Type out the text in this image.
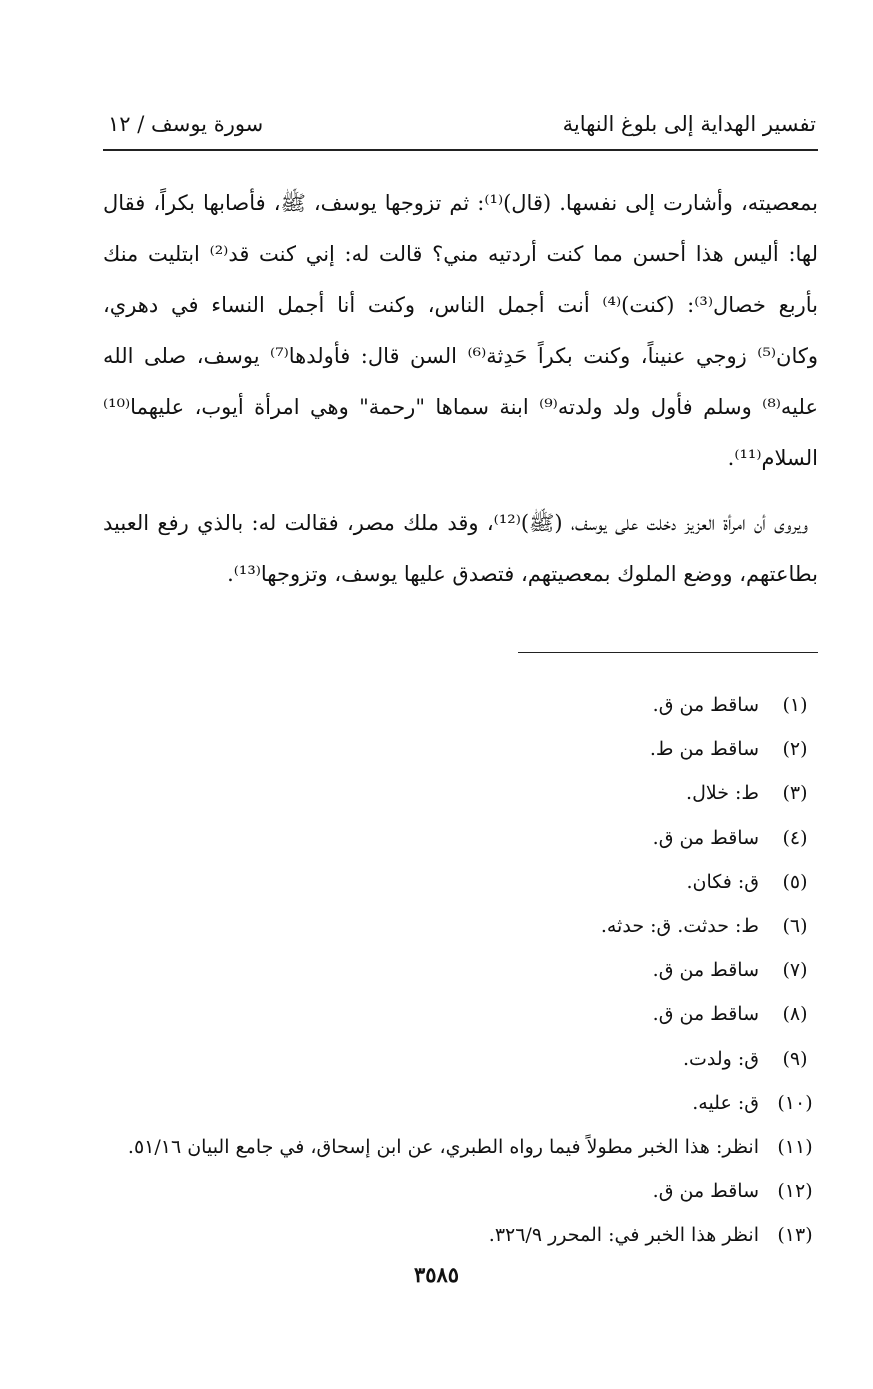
تفسير الهداية إلى بلوغ النهاية
سورة يوسف / ١٢

بمعصيته، وأشارت إلى نفسها. (قال)⁽¹⁾: ثم تزوجها يوسف، ﷺ، فأصابها بكراً، فقال لها: أليس هذا أحسن مما كنت أردتيه مني؟ قالت له: إني كنت قد⁽²⁾ ابتليت منك بأربع خصال⁽³⁾: (كنت)⁽⁴⁾ أنت أجمل الناس، وكنت أنا أجمل النساء في دهري، وكان⁽⁵⁾ زوجي عنيناً، وكنت بكراً حَدِثة⁽⁶⁾ السن قال: فأولدها⁽⁷⁾ يوسف، صلى الله عليه⁽⁸⁾ وسلم فأول ولد ولدته⁽⁹⁾ ابنة سماها "رحمة" وهي امرأة أيوب، عليهما⁽¹⁰⁾ السلام⁽¹¹⁾.

ويروى أن امرأة العزيز دخلت على يوسف، (ﷺ)⁽¹²⁾، وقد ملك مصر، فقالت له: بالذي رفع العبيد بطاعتهم، ووضع الملوك بمعصيتهم، فتصدق عليها يوسف، وتزوجها⁽¹³⁾.

(١)ساقط من ق.
(٢)ساقط من ط.
(٣)ط: خلال.
(٤)ساقط من ق.
(٥)ق: فكان.
(٦)ط: حدثت. ق: حدثه.
(٧)ساقط من ق.
(٨)ساقط من ق.
(٩)ق: ولدت.
(١٠)ق: عليه.
(١١)انظر: هذا الخبر مطولاً فيما رواه الطبري، عن ابن إسحاق، في جامع البيان ٥١/١٦.
(١٢)ساقط من ق.
(١٣)انظر هذا الخبر في: المحرر ٣٢٦/٩.
٣٥٨٥
